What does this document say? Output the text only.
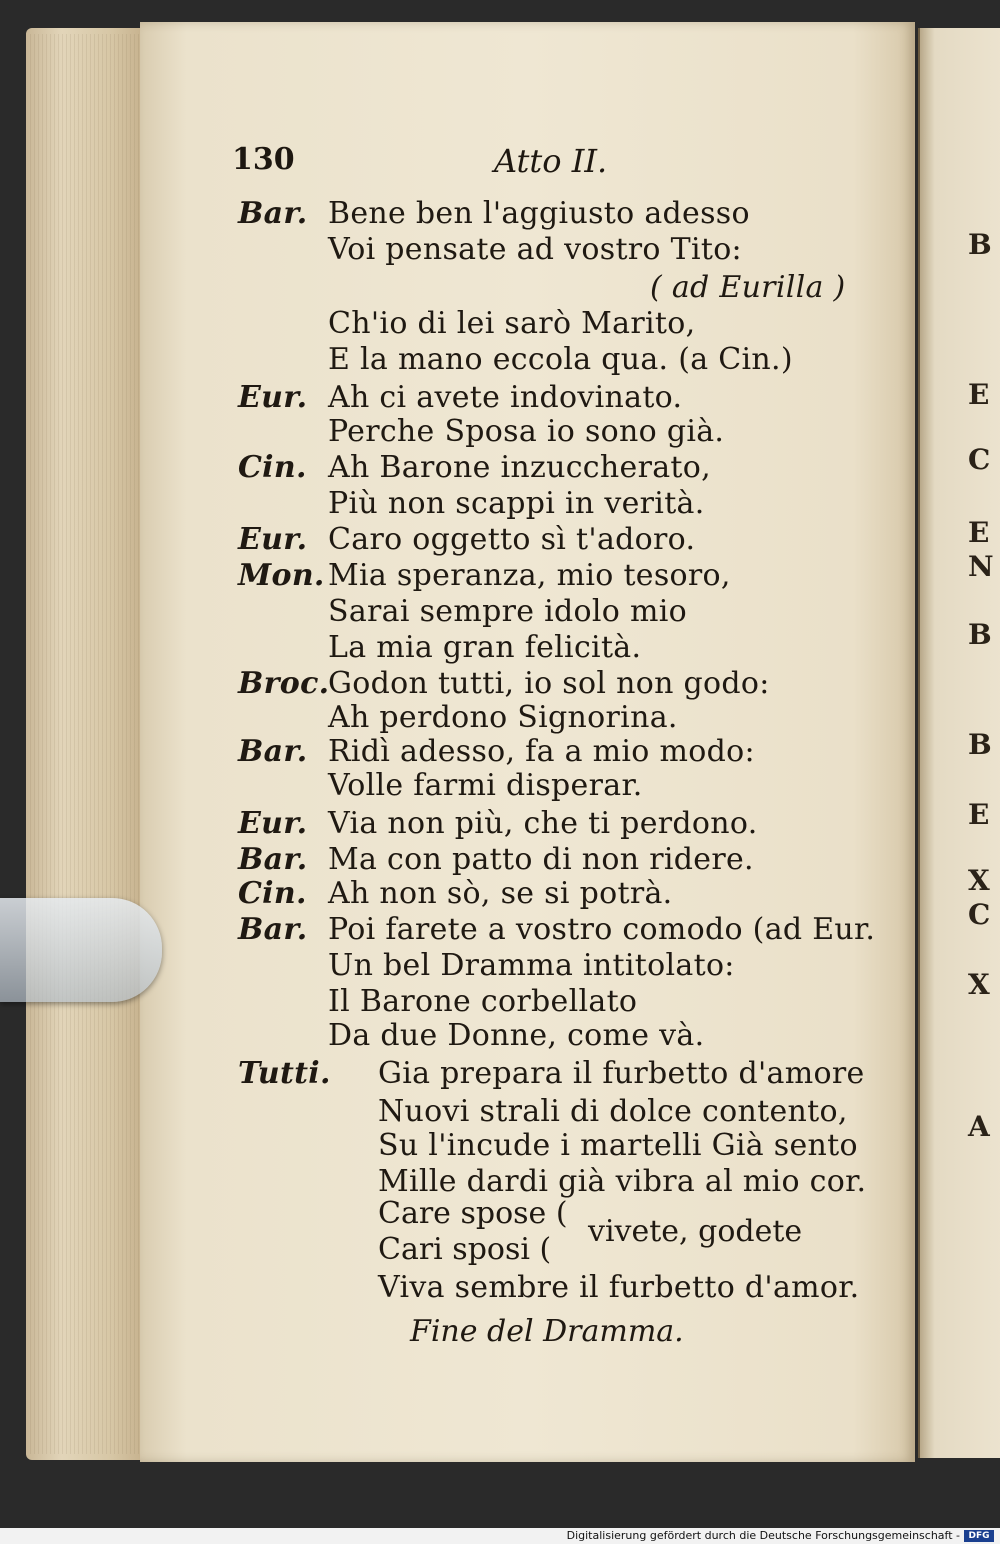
B
E
C
E
N
B
B
E
X
C
X
A
130	Atto II.
Bar. Bene ben l'aggiusto adesso
Voi pensate ad vostro Tito:
( ad Eurilla )
Ch'io di lei sarò Marito,
E la mano eccola qua. (a Cin.)
Eur. Ah ci avete indovinato.
Perche Sposa io sono già.
Cin. Ah Barone inzuccherato,
Più non scappi in verità.
Eur. Caro oggetto sì t'adoro.
Mon. Mia speranza, mio tesoro,
Sarai sempre idolo mio
La mia gran felicità.
Broc.
Godon tutti, io sol non godo:
Ah perdono Signorina.
Bar. Ridì adesso, fa a mio modo:
Volle farmi disperar.
Eur. Via non più, che ti perdono.
Bar. Ma con patto di non ridere.
Cin. Ah non sò, se si potrà.
Bar. Poi farete a vostro comodo (ad Eur.
Un bel Dramma intitolato:
Il Barone corbellato
Da due Donne, come và.
Tutti. Gia prepara il furbetto d'amore
Nuovi strali di dolce contento,
Su l'incude i martelli Già sento
Mille dardi già vibra al mio cor.
Care spose (
Cari sposi (
vivete, godete
Viva sembre il furbetto d'amor.
Fine del Dramma.
Digitalisierung gefördert durch die Deutsche Forschungsgemeinschaft - DFG
